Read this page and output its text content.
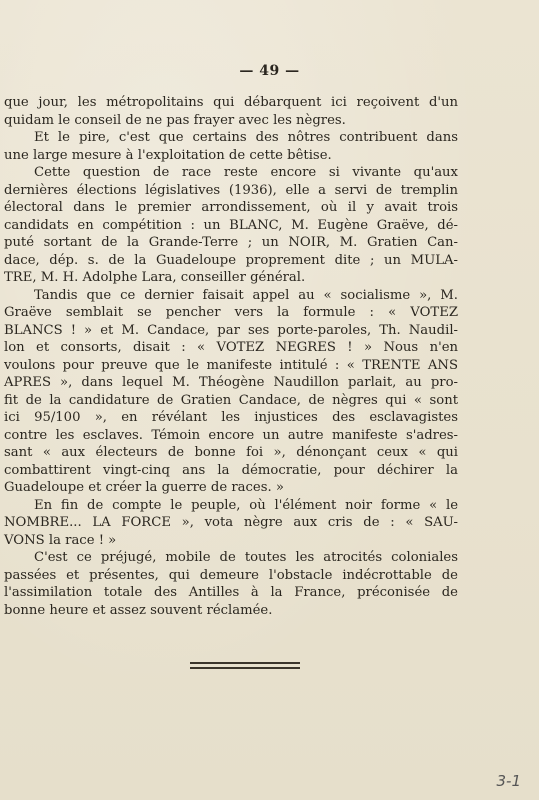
— 49 —
que jour, les métropolitains qui débarquent ici reçoivent d'un
quidam le conseil de ne pas frayer avec les nègres.
Et le pire, c'est que certains des nôtres contribuent dans
une large mesure à l'exploitation de cette bêtise.
Cette question de race reste encore si vivante qu'aux
dernières élections législatives (1936), elle a servi de tremplin
électoral dans le premier arrondissement, où il y avait trois
candidats en compétition : un BLANC, M. Eugène Graëve, dé-
puté sortant de la Grande-Terre ; un NOIR, M. Gratien Can-
dace, dép. s. de la Guadeloupe proprement dite ; un MULA-
TRE, M. H. Adolphe Lara, conseiller général.
Tandis que ce dernier faisait appel au « socialisme », M.
Graëve semblait se pencher vers la formule : « VOTEZ
BLANCS ! » et M. Candace, par ses porte-paroles, Th. Naudil-
lon et consorts, disait : « VOTEZ NEGRES ! » Nous n'en
voulons pour preuve que le manifeste intitulé : « TRENTE ANS
APRES », dans lequel M. Théogène Naudillon parlait, au pro-
fit de la candidature de Gratien Candace, de nègres qui « sont
ici 95/100 », en révélant les injustices des esclavagistes
contre les esclaves. Témoin encore un autre manifeste s'adres-
sant « aux électeurs de bonne foi », dénonçant ceux « qui
combattirent vingt-cinq ans la démocratie, pour déchirer la
Guadeloupe et créer la guerre de races. »
En fin de compte le peuple, où l'élément noir forme « le
NOMBRE... LA FORCE », vota nègre aux cris de : « SAU-
VONS la race ! »
C'est ce préjugé, mobile de toutes les atrocités coloniales
passées et présentes, qui demeure l'obstacle indécrottable de
l'assimilation totale des Antilles à la France, préconisée de
bonne heure et assez souvent réclamée.
3-1
